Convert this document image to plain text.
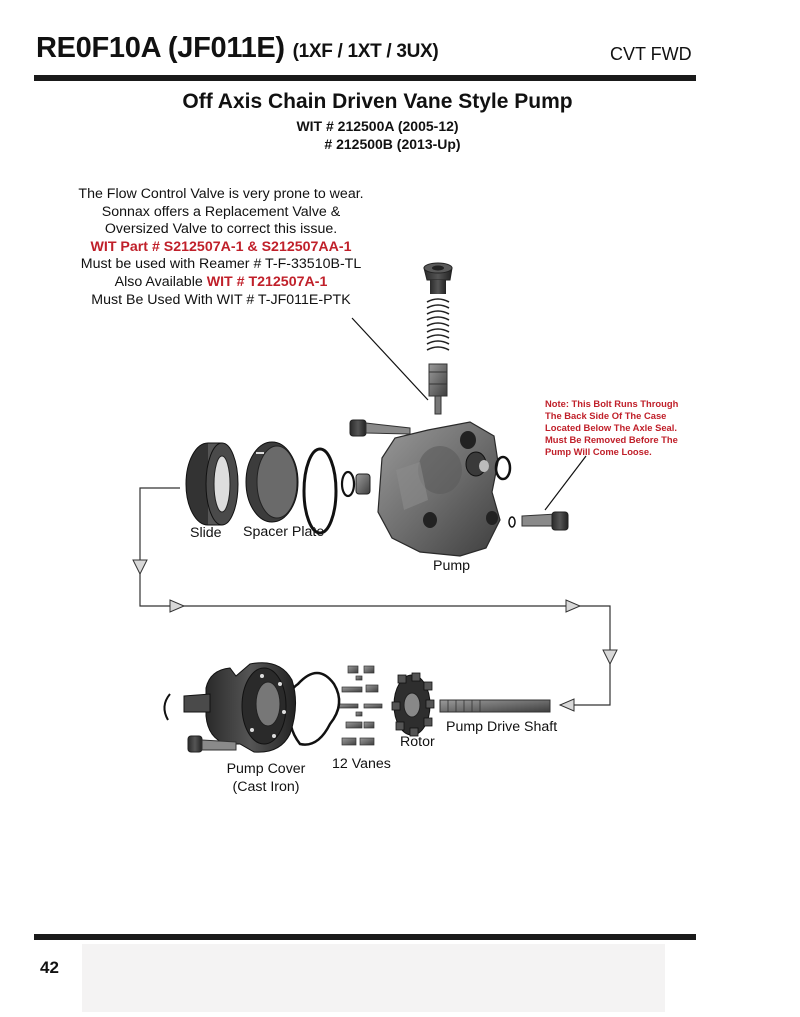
RE0F10A (JF011E) (1XF / 1XT / 3UX)	CVT FWD
Off Axis Chain Driven Vane Style Pump
WIT # 212500A (2005-12)
# 212500B (2013-Up)
The Flow Control Valve is very prone to wear.
Sonnax offers a Replacement Valve &
Oversized Valve to correct this issue.
WIT Part # S212507A-1 & S212507AA-1
Must be used with Reamer # T-F-33510B-TL
Also Available WIT # T212507A-1
Must Be Used With WIT # T-JF011E-PTK
Note: This Bolt Runs Through
The Back Side Of The Case
Located Below The Axle Seal.
Must Be Removed Before The
Pump Will Come Loose.
Slide Spacer Plate
Pump
Pump Drive Shaft
Rotor
12 Vanes
Pump Cover
(Cast Iron)
42
